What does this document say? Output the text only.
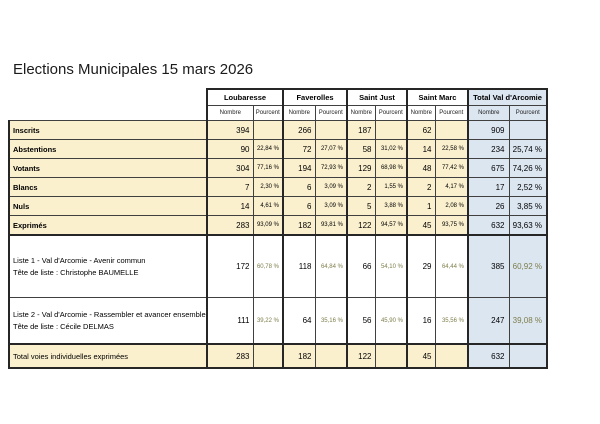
Elections Municipales 15 mars 2026
	Loubaresse		Faverolles		Saint Just		Saint Marc		Total Val d'Arcomie	
	Nombre	Pourcent	Nombre	Pourcent	Nombre	Pourcent	Nombre	Pourcent	Nombre	Pourcent
Inscrits	394		266		187		62		909	
Abstentions	90	22,84 %	72	27,07 %	58	31,02 %	14	22,58 %	234	25,74 %
Votants	304	77,16 %	194	72,93 %	129	68,98 %	48	77,42 %	675	74,26 %
Blancs	7	2,30 %	6	3,09 %	2	1,55 %	2	4,17 %	17	2,52 %
Nuls	14	4,61 %	6	3,09 %	5	3,88 %	1	2,08 %	26	3,85 %
Exprimés	283	93,09 %	182	93,81 %	122	94,57 %	45	93,75 %	632	93,63 %

Liste 1 - Val d'Arcomie - Avenir commun
Tête de liste : Christophe BAUMELLE	172	60,78 %	118	64,84 %	66	54,10 %	29	64,44 %	385	60,92 %

Liste 2 - Val d'Arcomie - Rassembler et avancer ensemble
Tête de liste : Cécile DELMAS	111	39,22 %	64	35,16 %	56	45,90 %	16	35,56 %	247	39,08 %
Total voies individuelles exprimées	283		182		122		45		632	
